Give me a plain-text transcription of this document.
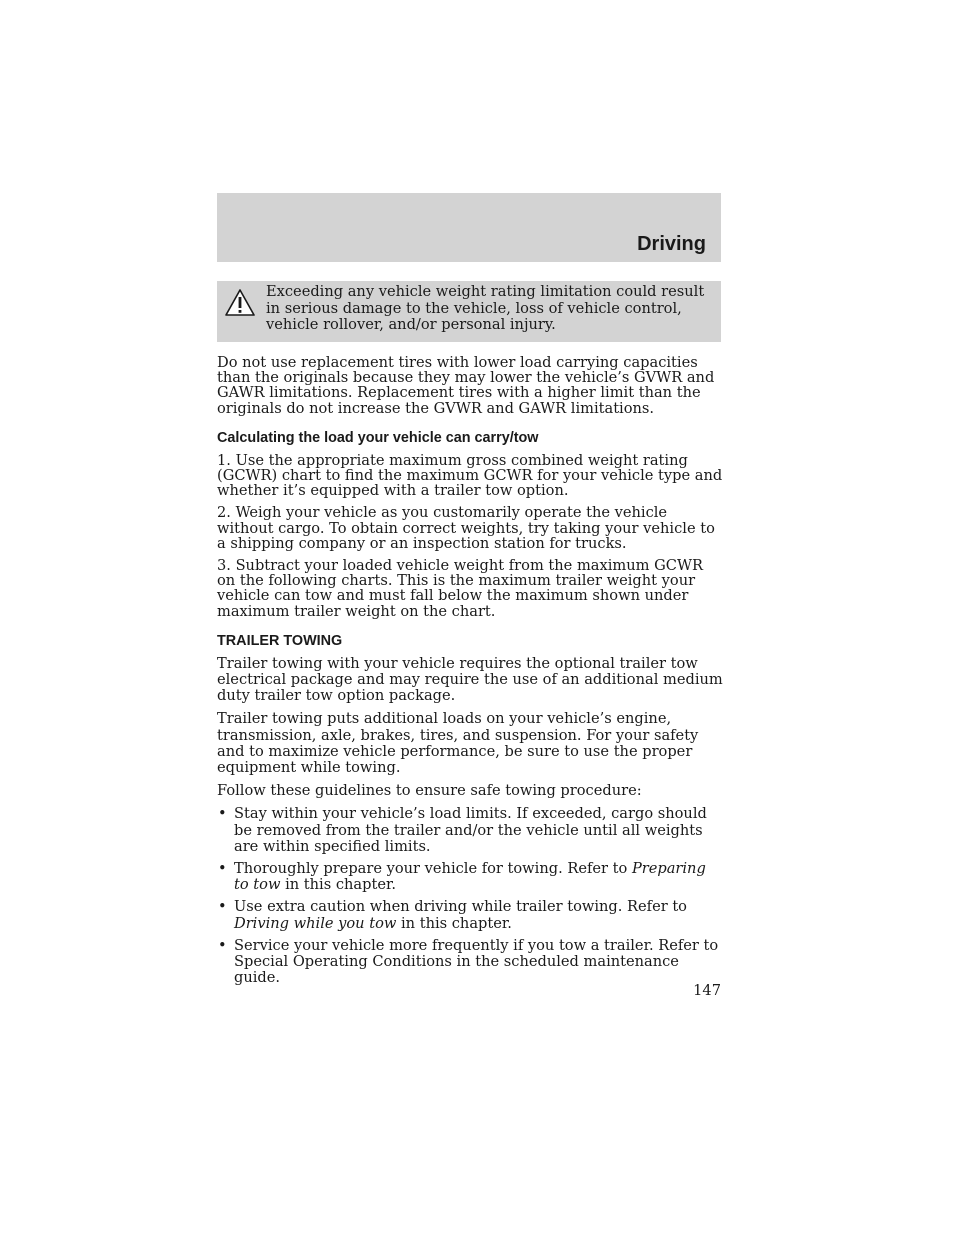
Driving
Exceeding any vehicle weight rating limitation could result in serious damage to the vehicle, loss of vehicle control, vehicle rollover, and/or personal injury.

Do not use replacement tires with lower load carrying capacities than the originals because they may lower the vehicle’s GVWR and GAWR limitations. Replacement tires with a higher limit than the originals do not increase the GVWR and GAWR limitations.

Calculating the load your vehicle can carry/tow

1. Use the appropriate maximum gross combined weight rating (GCWR) chart to find the maximum GCWR for your vehicle type and whether it’s equipped with a trailer tow option.

2. Weigh your vehicle as you customarily operate the vehicle without cargo. To obtain correct weights, try taking your vehicle to a shipping company or an inspection station for trucks.

3. Subtract your loaded vehicle weight from the maximum GCWR on the following charts. This is the maximum trailer weight your vehicle can tow and must fall below the maximum shown under maximum trailer weight on the chart.

TRAILER TOWING

Trailer towing with your vehicle requires the optional trailer tow electrical package and may require the use of an additional medium duty trailer tow option package.

Trailer towing puts additional loads on your vehicle’s engine, transmission, axle, brakes, tires, and suspension. For your safety and to maximize vehicle performance, be sure to use the proper equipment while towing.

Follow these guidelines to ensure safe towing procedure:

• Stay within your vehicle’s load limits. If exceeded, cargo should be removed from the trailer and/or the vehicle until all weights are within specified limits.
• Thoroughly prepare your vehicle for towing. Refer to Preparing to tow in this chapter.
• Use extra caution when driving while trailer towing. Refer to Driving while you tow in this chapter.
• Service your vehicle more frequently if you tow a trailer. Refer to Special Operating Conditions in the scheduled maintenance guide.
147
